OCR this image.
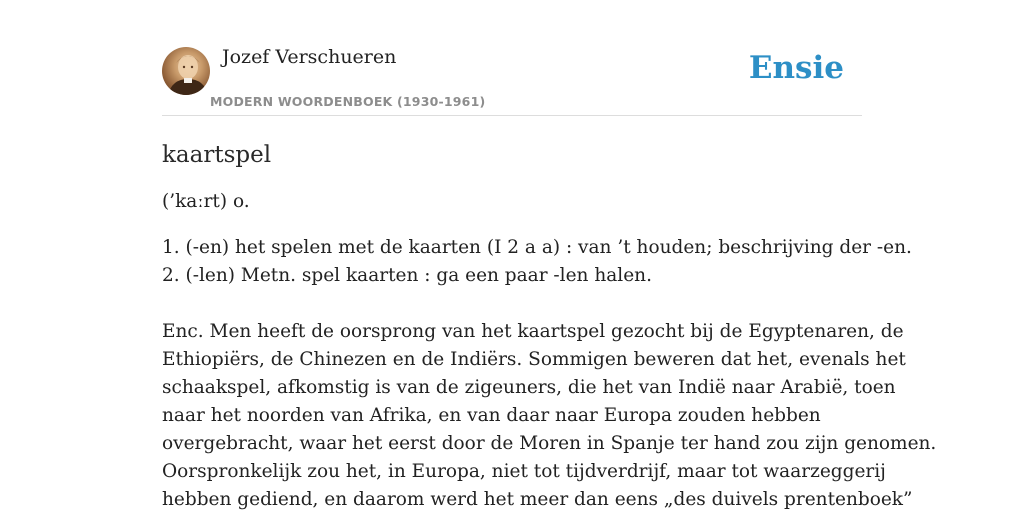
Jozef Verschueren
MODERN WOORDENBOEK (1930-1961)
Ensie
kaartspel
(’kaːrt) o.
1. (-en) het spelen met de kaarten (I 2 a a) : van ’t houden; beschrijving der -en.
2. (-len) Metn. spel kaarten : ga een paar -len halen.
Enc. Men heeft de oorsprong van het kaartspel gezocht bij de Egyptenaren, de
Ethiopiërs, de Chinezen en de Indiërs. Sommigen beweren dat het, evenals het
schaakspel, afkomstig is van de zigeuners, die het van Indië naar Arabië, toen
naar het noorden van Afrika, en van daar naar Europa zouden hebben
overgebracht, waar het eerst door de Moren in Spanje ter hand zou zijn genomen.
Oorspronkelijk zou het, in Europa, niet tot tijdverdrijf, maar tot waarzeggerij
hebben gediend, en daarom werd het meer dan eens „des duivels prentenboek”
